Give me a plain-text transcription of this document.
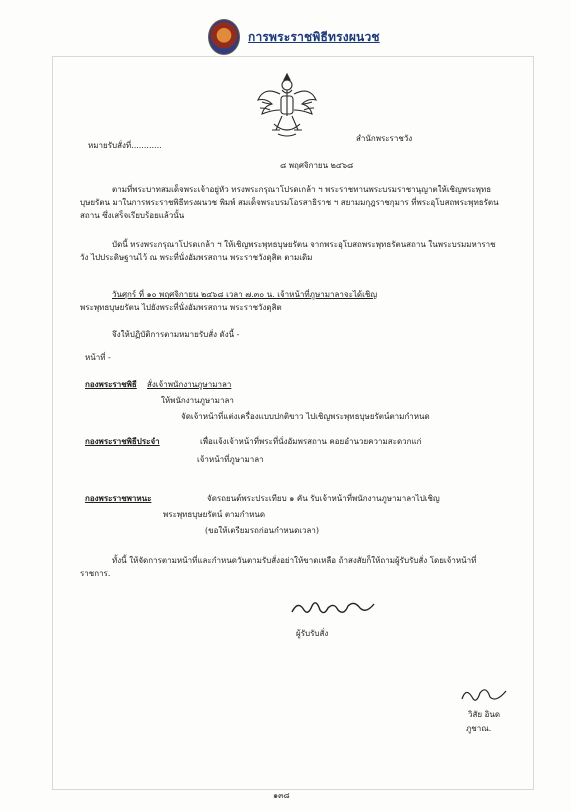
การพระราชพิธีทรงผนวช
หมายรับสั่งที่............
สำนักพระราชวัง
๘ พฤศจิกายน ๒๔๖๘
ตามที่พระบาทสมเด็จพระเจ้าอยู่หัว ทรงพระกรุณาโปรดเกล้า ฯ พระราชทานพระบรมราชานุญาตให้เชิญพระพุทธบุษยรัตน มาในการพระราชพิธีทรงผนวช พิมพ์ สมเด็จพระบรมโอรสาธิราช ฯ สยามมกุฎราชกุมาร ที่พระอุโบสถพระพุทธรัตนสถาน ซึ่งเสร็จเรียบร้อยแล้วนั้น
บัดนี้ ทรงพระกรุณาโปรดเกล้า ฯ ให้เชิญพระพุทธบุษยรัตน จากพระอุโบสถพระพุทธรัตนสถาน ในพระบรมมหาราชวัง ไปประดิษฐานไว้ ณ พระที่นั่งอัมพรสถาน พระราชวังดุสิต ตามเดิม
วันศุกร์ ที่ ๑๐ พฤศจิกายน ๒๔๖๘ เวลา ๗.๓๐ น. เจ้าหน้าที่ภูษามาลาจะได้เชิญ
พระพุทธบุษยรัตน ไปยังพระที่นั่งอัมพรสถาน พระราชวังดุสิต
จึงให้ปฏิบัติการตามหมายรับสั่ง ดังนี้ -
หน้าที่ -
กองพระราชพิธี สั่งเจ้าพนักงานภูษามาลา
ให้พนักงานภูษามาลา
จัดเจ้าหน้าที่แต่งเครื่องแบบปกติขาว ไปเชิญพระพุทธบุษยรัตน์ตามกำหนด
กองพระราชพิธีประจำ	เพื่อแจ้งเจ้าหน้าที่พระที่นั่งอัมพรสถาน คอยอำนวยความสะดวกแก่
เจ้าหน้าที่ภูษามาลา
กองพระราชพาหนะ	จัดรถยนต์พระประเทียบ ๑ คัน รับเจ้าหน้าที่พนักงานภูษามาลาไปเชิญ
พระพุทธบุษยรัตน์ ตามกำหนด
(ขอให้เตรียมรถก่อนกำหนดเวลา)
ทั้งนี้ ให้จัดการตามหน้าที่และกำหนดวันตามรับสั่งอย่าให้ขาดเหลือ ถ้าสงสัยก็ให้ถามผู้รับรับสั่ง โดยเจ้าหน้าที่ราชการ.
ผู้รับรับสั่ง
วิสัย อินด
ภูชาณ.
๑๓๘
